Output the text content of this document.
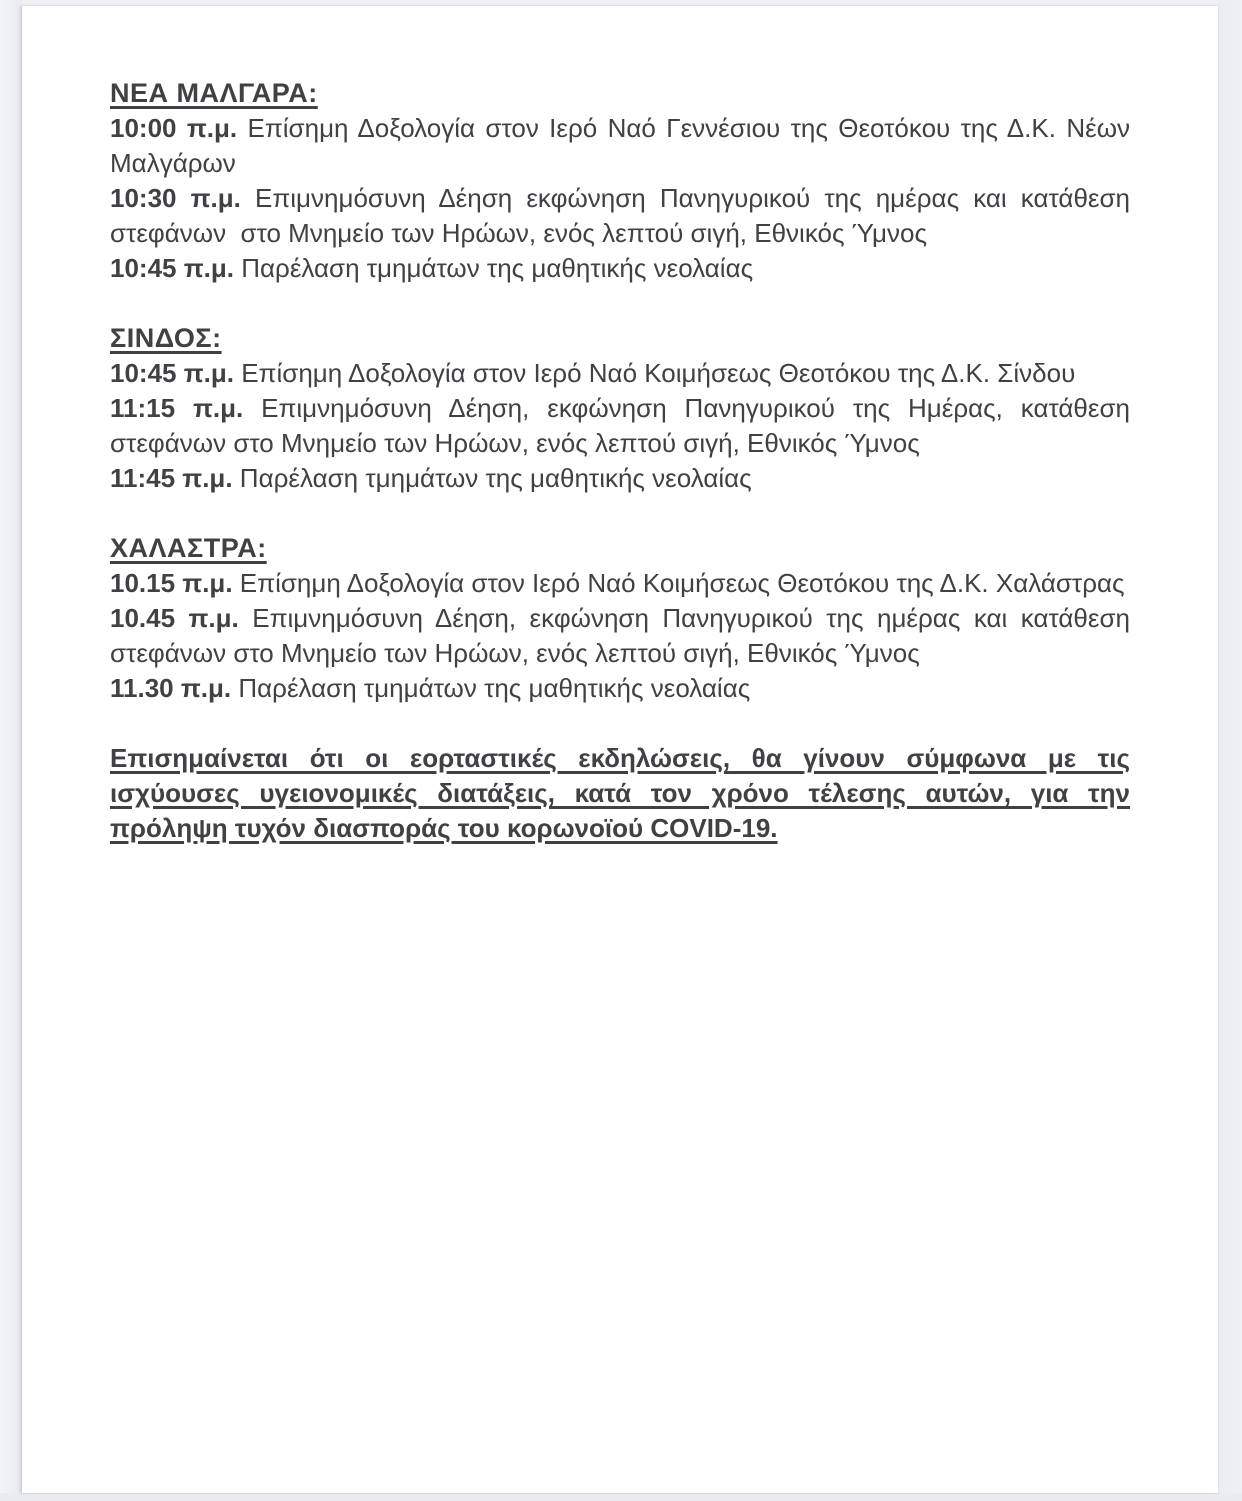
ΝΕΑ ΜΑΛΓΑΡΑ:

10:00 π.μ. Επίσημη Δοξολογία στον Ιερό Ναό Γεννέσιου της Θεοτόκου της Δ.Κ. Νέων Μαλγάρων

10:30 π.μ. Επιμνημόσυνη Δέηση εκφώνηση Πανηγυρικού της ημέρας και κατάθεση στεφάνων  στο Μνημείο των Ηρώων, ενός λεπτού σιγή, Εθνικός Ύμνος

10:45 π.μ. Παρέλαση τμημάτων της μαθητικής νεολαίας

ΣΙΝΔΟΣ:

10:45 π.μ. Επίσημη Δοξολογία στον Ιερό Ναό Κοιμήσεως Θεοτόκου της Δ.Κ. Σίνδου

11:15 π.μ. Επιμνημόσυνη Δέηση, εκφώνηση Πανηγυρικού της Ημέρας, κατάθεση στεφάνων στο Μνημείο των Ηρώων, ενός λεπτού σιγή, Εθνικός Ύμνος

11:45 π.μ. Παρέλαση τμημάτων της μαθητικής νεολαίας

ΧΑΛΑΣΤΡΑ:

10.15 π.μ. Επίσημη Δοξολογία στον Ιερό Ναό Κοιμήσεως Θεοτόκου της Δ.Κ. Χαλάστρας

10.45 π.μ. Επιμνημόσυνη Δέηση, εκφώνηση Πανηγυρικού της ημέρας και κατάθεση στεφάνων στο Μνημείο των Ηρώων, ενός λεπτού σιγή, Εθνικός Ύμνος

11.30 π.μ. Παρέλαση τμημάτων της μαθητικής νεολαίας

Επισημαίνεται ότι οι εορταστικές εκδηλώσεις, θα γίνουν σύμφωνα με τις ισχύουσες υγειονομικές διατάξεις, κατά τον χρόνο τέλεσης αυτών, για την πρόληψη τυχόν διασποράς του κορωνοϊού COVID-19.
